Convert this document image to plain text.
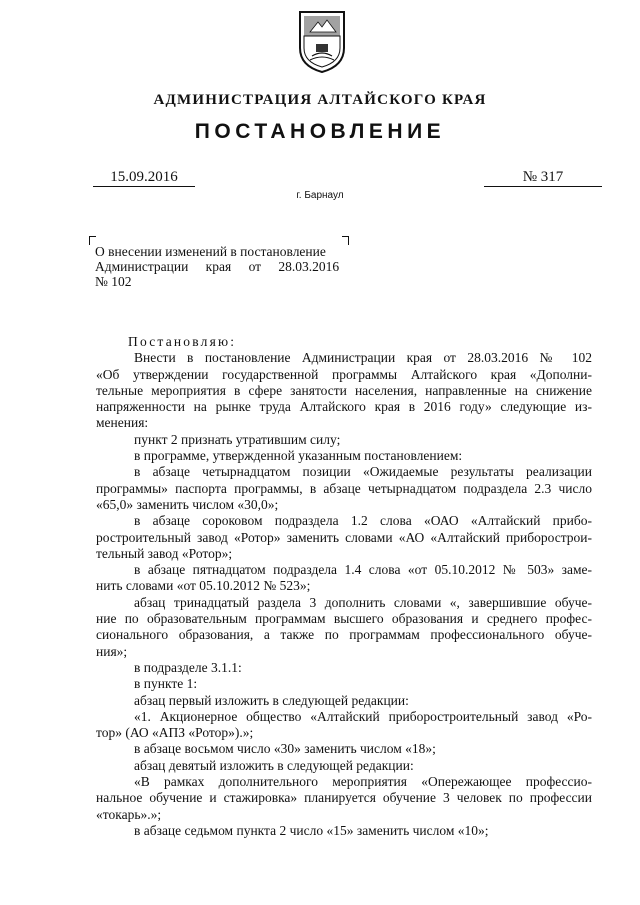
АДМИНИСТРАЦИЯ АЛТАЙСКОГО КРАЯ
ПОСТАНОВЛЕНИЕ
15.09.2016	№ 317
г. Барнаул
О внесении изменений в постановление
Администрации края от 28.03.2016
№ 102

Постановляю:

Внести в постановление Администрации края от 28.03.2016 № 102

«Об утверждении государственной программы Алтайского края «Дополни-

тельные мероприятия в сфере занятости населения, направленные на снижение

напряженности на рынке труда Алтайского края в 2016 году» следующие из-

менения:

пункт 2 признать утратившим силу;

в программе, утвержденной указанным постановлением:

в абзаце четырнадцатом позиции «Ожидаемые результаты реализации

программы» паспорта программы, в абзаце четырнадцатом подраздела 2.3 число

«65,0» заменить числом «30,0»;

в абзаце сороковом подраздела 1.2 слова «ОАО «Алтайский прибо-

ростроительный завод «Ротор» заменить словами «АО «Алтайский приборострои-

тельный завод «Ротор»;

в абзаце пятнадцатом подраздела 1.4 слова «от 05.10.2012 № 503» заме-

нить словами «от 05.10.2012 № 523»;

абзац тринадцатый раздела 3 дополнить словами «, завершившие обуче-

ние по образовательным программам высшего образования и среднего профес-

сионального образования, а также по программам профессионального обуче-

ния»;

в подразделе 3.1.1:

в пункте 1:

абзац первый изложить в следующей редакции:

«1. Акционерное общество «Алтайский приборостроительный завод «Ро-

тор» (АО «АПЗ «Ротор»).»;

в абзаце восьмом число «30» заменить числом «18»;

абзац девятый изложить в следующей редакции:

«В рамках дополнительного мероприятия «Опережающее профессио-

нальное обучение и стажировка» планируется обучение 3 человек по профессии

«токарь».»;

в абзаце седьмом пункта 2 число «15» заменить числом «10»;
